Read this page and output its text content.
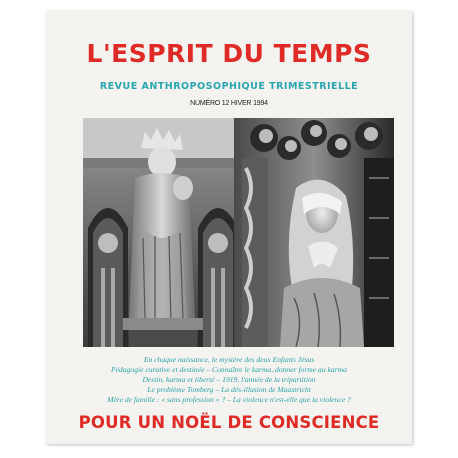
L'ESPRIT DU TEMPS
REVUE ANTHROPOSOPHIQUE TRIMESTRIELLE
NUMÉRO 12 HIVER 1994
En chaque naissance, le mystère des deux Enfants Jésus
Pédagogie curative et destinée – Connaître le karma, donner forme au karma
Destin, karma et liberté – 1919, l'année de la tripartition
Le problème Tomberg – La dés-illusion de Maastricht
Mère de famille : « sans profession » ? – La violence n'est-elle que la violence ?
POUR UN NOËL DE CONSCIENCE
